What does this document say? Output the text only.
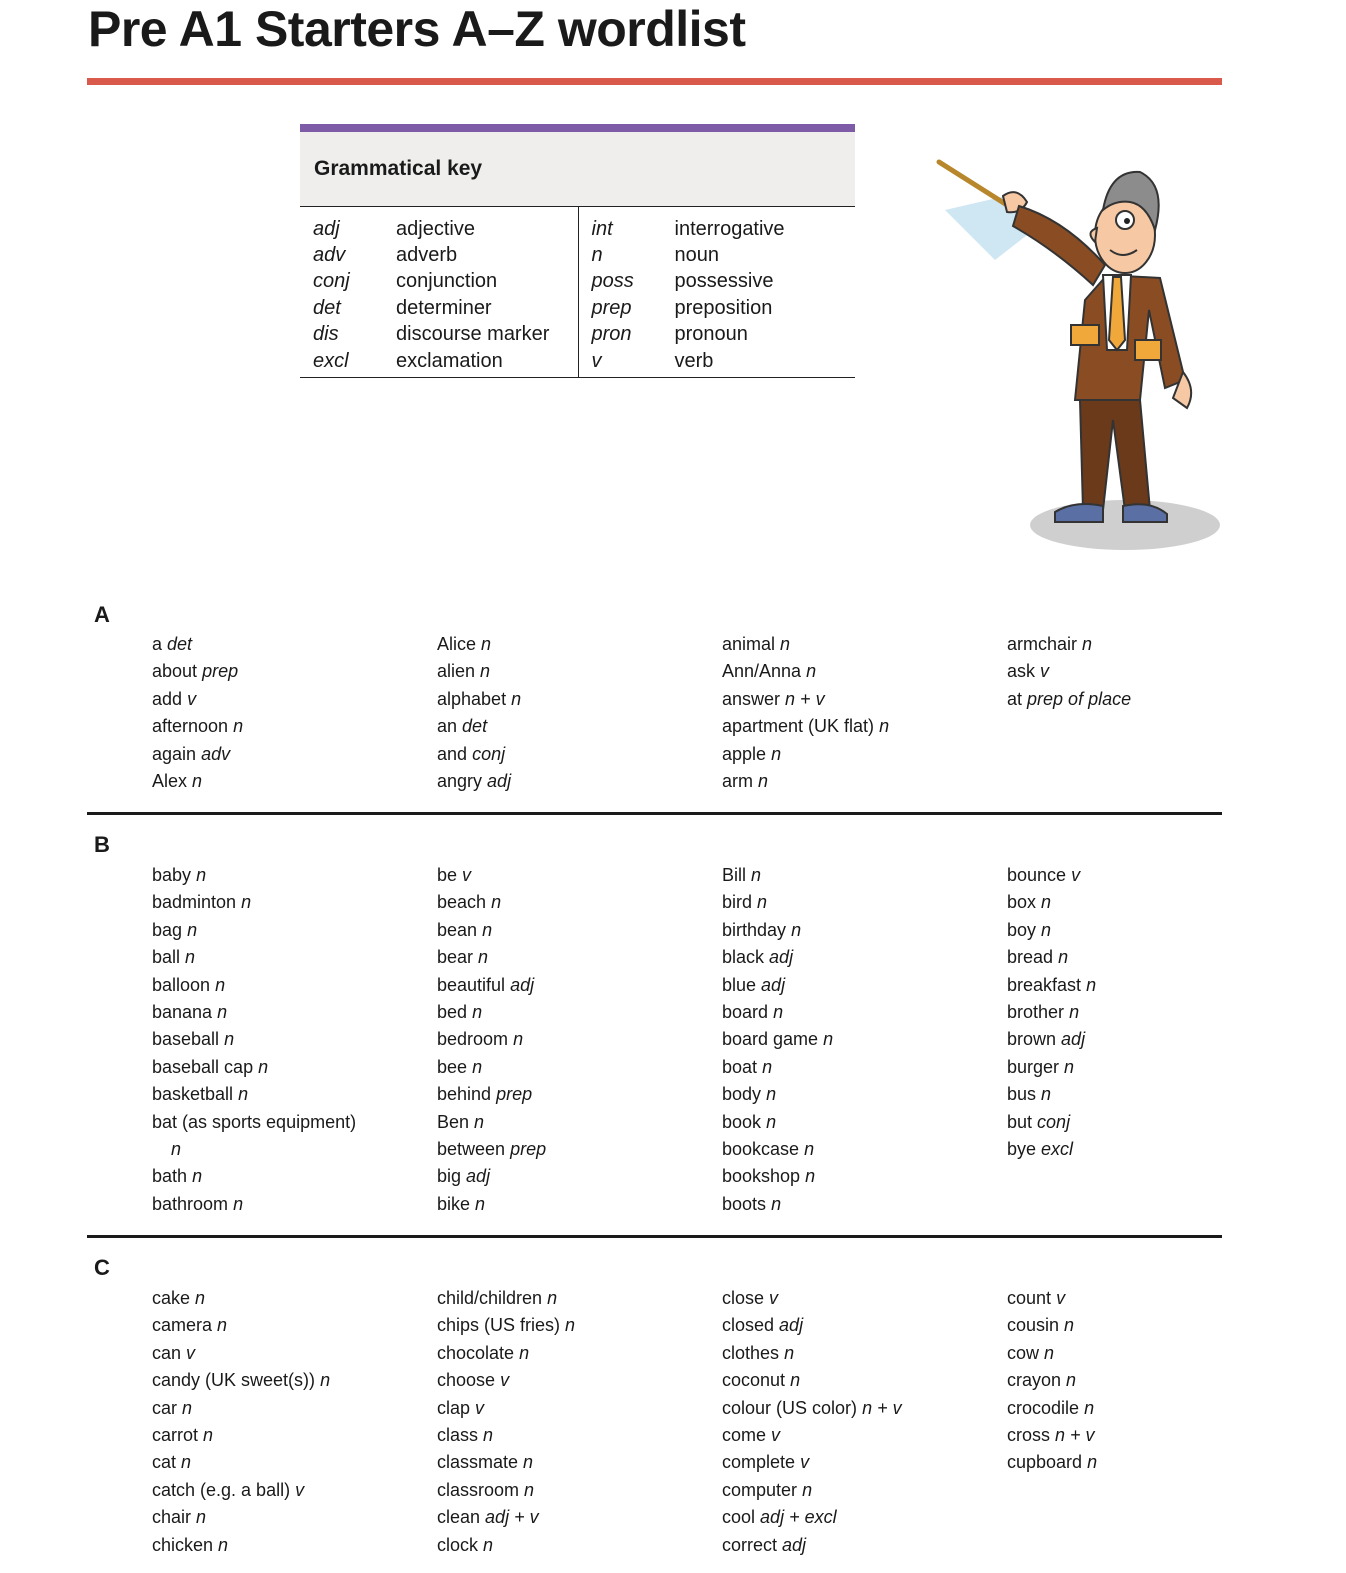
Pre A1 Starters A–Z wordlist
Grammatical key
adj	adjective
adv	adverb
conj	conjunction
det	determiner
dis	discourse marker
excl	exclamation
int	interrogative
n	noun
poss	possessive
prep	preposition
pron	pronoun
v	verb
A
a det
about prep
add v
afternoon n
again adv
Alex n
Alice n
alien n
alphabet n
an det
and conj
angry adj
animal n
Ann/Anna n
answer n + v
apartment (UK flat) n
apple n
arm n
armchair n
ask v
at prep of place
B
baby n
badminton n
bag n
ball n
balloon n
banana n
baseball n
baseball cap n
basketball n
bat (as sports equipment)
n
bath n
bathroom n
be v
beach n
bean n
bear n
beautiful adj
bed n
bedroom n
bee n
behind prep
Ben n
between prep
big adj
bike n
Bill n
bird n
birthday n
black adj
blue adj
board n
board game n
boat n
body n
book n
bookcase n
bookshop n
boots n
bounce v
box n
boy n
bread n
breakfast n
brother n
brown adj
burger n
bus n
but conj
bye excl
C
cake n
camera n
can v
candy (UK sweet(s)) n
car n
carrot n
cat n
catch (e.g. a ball) v
chair n
chicken n
child/children n
chips (US fries) n
chocolate n
choose v
clap v
class n
classmate n
classroom n
clean adj + v
clock n
close v
closed adj
clothes n
coconut n
colour (US color) n + v
come v
complete v
computer n
cool adj + excl
correct adj
count v
cousin n
cow n
crayon n
crocodile n
cross n + v
cupboard n
